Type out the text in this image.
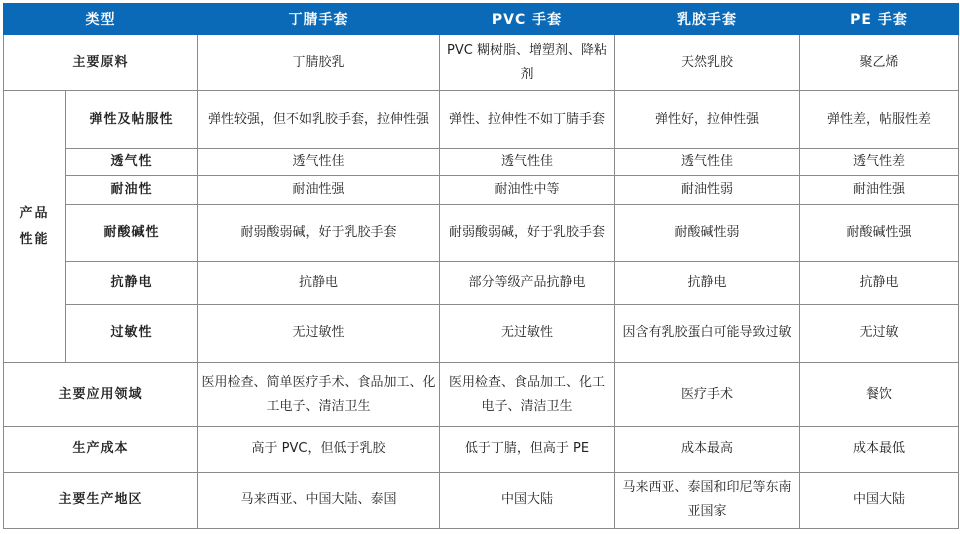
类型		丁腈手套	PVC 手套	乳胶手套	PE 手套
主要原料		丁腈胶乳	PVC 糊树脂、增塑剂、降粘剂	天然乳胶	聚乙烯
产品
性能	弹性及帖服性	弹性较强，但不如乳胶手套，拉伸性强	弹性、拉伸性不如丁腈手套	弹性好，拉伸性强	弹性差，帖服性差
	透气性	透气性佳	透气性佳	透气性佳	透气性差
	耐油性	耐油性强	耐油性中等	耐油性弱	耐油性强
	耐酸碱性	耐弱酸弱碱，好于乳胶手套	耐弱酸弱碱，好于乳胶手套	耐酸碱性弱	耐酸碱性强
	抗静电	抗静电	部分等级产品抗静电	抗静电	抗静电
	过敏性	无过敏性	无过敏性	因含有乳胶蛋白可能导致过敏	无过敏
主要应用领域		医用检查、简单医疗手术、食品加工、化工电子、清洁卫生	医用检查、食品加工、化工电子、清洁卫生	医疗手术	餐饮
生产成本		高于 PVC，但低于乳胶	低于丁腈，但高于 PE	成本最高	成本最低
主要生产地区		马来西亚、中国大陆、泰国	中国大陆	马来西亚、泰国和印尼等东南亚国家	中国大陆
